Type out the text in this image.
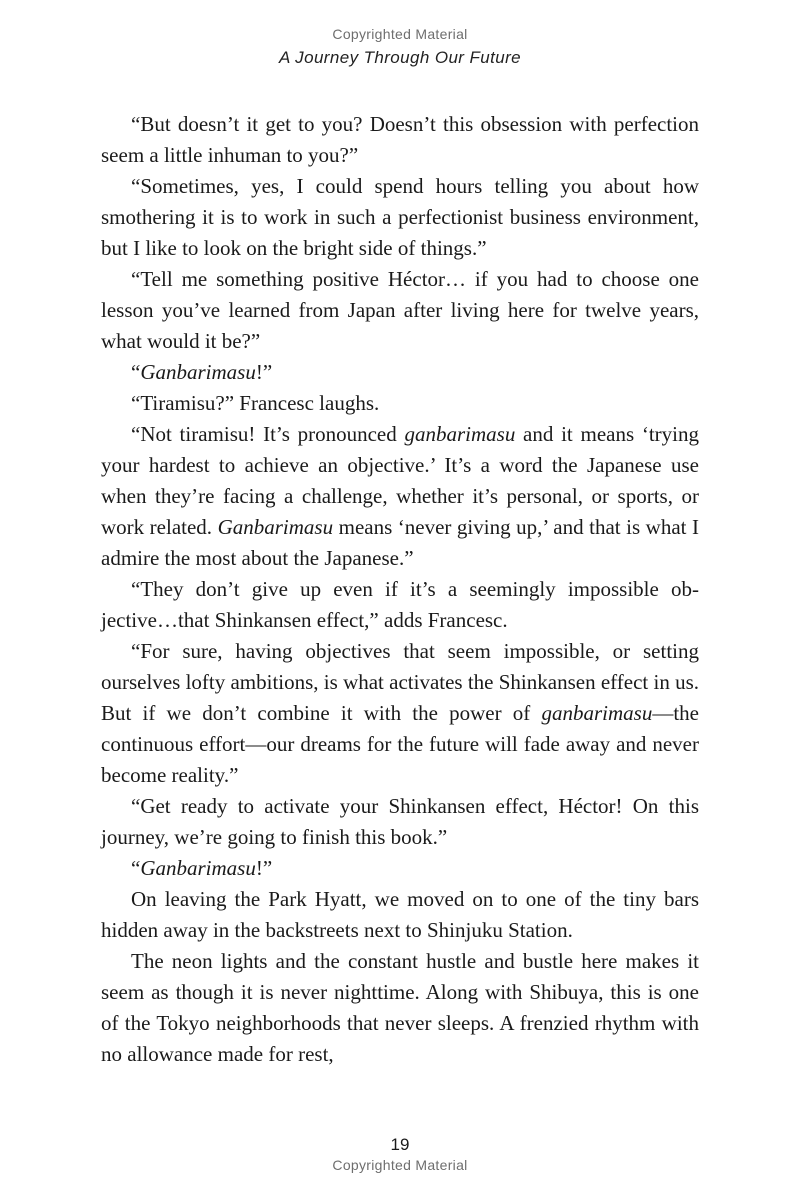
Copyrighted Material
A Journey Through Our Future

“But doesn’t it get to you? Doesn’t this obsession with perfection seem a little inhuman to you?”

“Sometimes, yes, I could spend hours telling you about how smothering it is to work in such a perfectionist business environment, but I like to look on the bright side of things.”

“Tell me something positive Héctor… if you had to choose one lesson you’ve learned from Japan after living here for twelve years, what would it be?”

“Ganbarimasu!”

“Tiramisu?” Francesc laughs.

“Not tiramisu! It’s pronounced ganbarimasu and it means ‘trying your hardest to achieve an objective.’ It’s a word the Japanese use when they’re facing a challenge, whether it’s personal, or sports, or work related. Ganbarimasu means ‘never giving up,’ and that is what I admire the most about the Japanese.”

“They don’t give up even if it’s a seemingly impossible objective…that Shinkansen effect,” adds Francesc.

“For sure, having objectives that seem impossible, or setting ourselves lofty ambitions, is what activates the Shinkansen effect in us. But if we don’t combine it with the power of ganbarimasu—the continuous effort—our dreams for the future will fade away and never become reality.”

“Get ready to activate your Shinkansen effect, Héctor! On this journey, we’re going to finish this book.”

“Ganbarimasu!”

On leaving the Park Hyatt, we moved on to one of the tiny bars hidden away in the backstreets next to Shinjuku Station.

The neon lights and the constant hustle and bustle here makes it seem as though it is never nighttime. Along with Shibuya, this is one of the Tokyo neighborhoods that never sleeps. A frenzied rhythm with no allowance made for rest,

19
Copyrighted Material
